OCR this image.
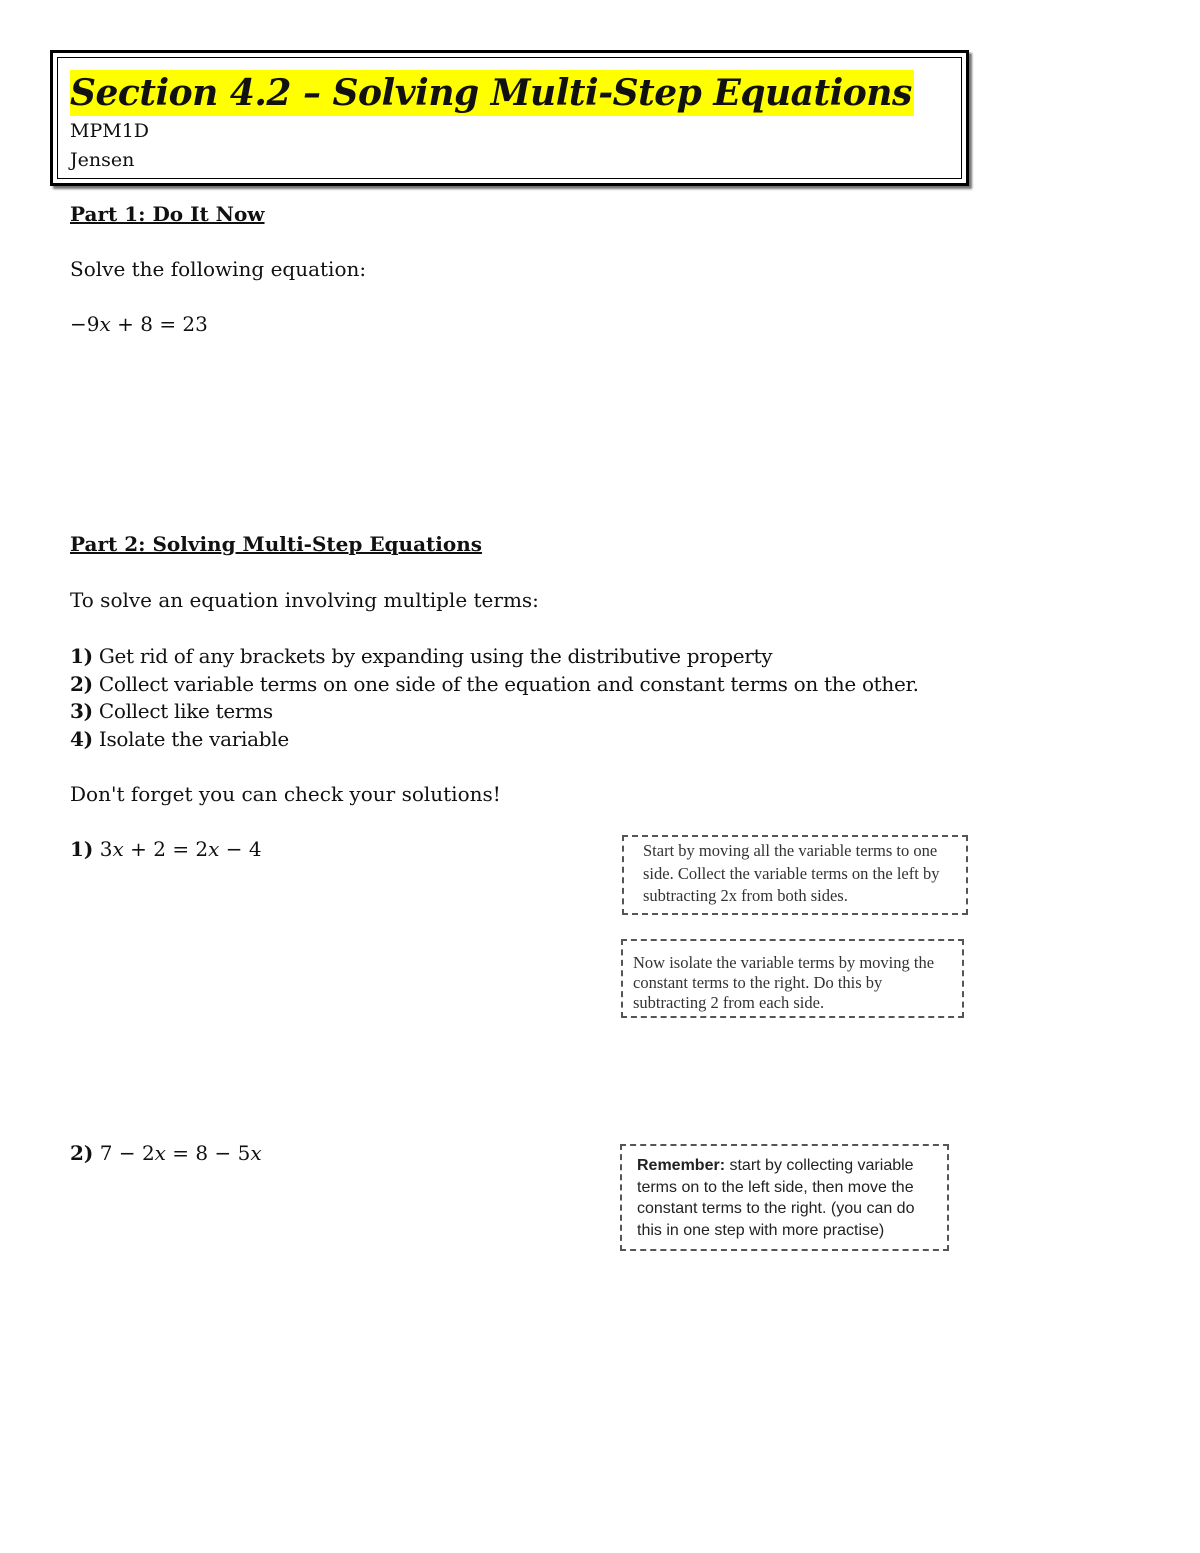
Section 4.2 – Solving Multi-Step Equations
MPM1D
Jensen
Part 1: Do It Now
Solve the following equation:
−9x + 8 = 23
Part 2: Solving Multi-Step Equations
To solve an equation involving multiple terms:
1) Get rid of any brackets by expanding using the distributive property
2) Collect variable terms on one side of the equation and constant terms on the other.
3) Collect like terms
4) Isolate the variable
Don't forget you can check your solutions!
1) 3x + 2 = 2x − 4	Start by moving all the variable terms to one side. Collect the variable terms on the left by subtracting 2x from both sides.
Now isolate the variable terms by moving the constant terms to the right. Do this by subtracting 2 from each side.
2) 7 − 2x = 8 − 5x
Remember: start by collecting variable terms on to the left side, then move the constant terms to the right. (you can do this in one step with more practise)
